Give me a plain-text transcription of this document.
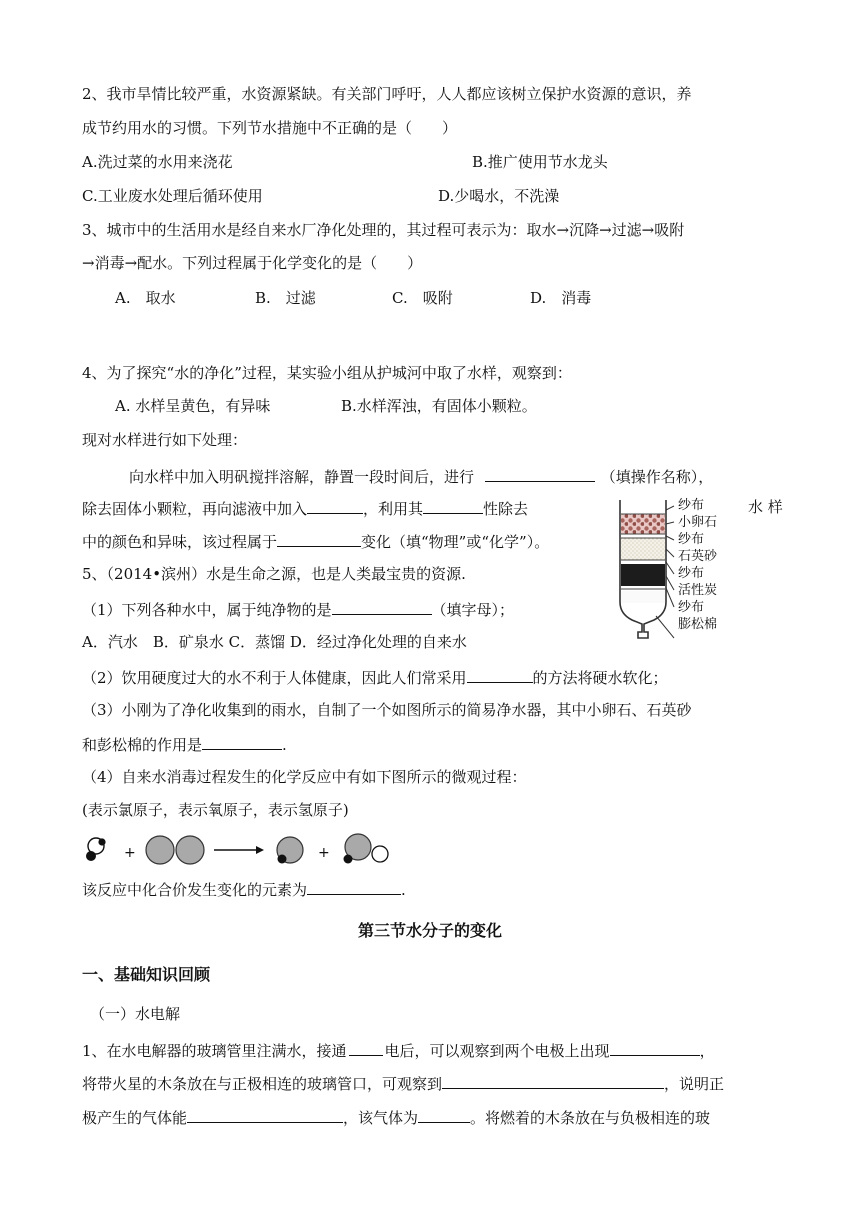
2、我市旱情比较严重，水资源紧缺。有关部门呼吁，人人都应该树立保护水资源的意识，养
成节约用水的习惯。下列节水措施中不正确的是（　　）
A.洗过菜的水用来浇花	B.推广使用节水龙头
C.工业废水处理后循环使用	D.少喝水，不洗澡
3、城市中的生活用水是经自来水厂净化处理的，其过程可表示为：取水→沉降→过滤→吸附
→消毒→配水。下列过程属于化学变化的是（　　）
A.　取水	B.　过滤	C.　吸附	D.　消毒
4、为了探究“水的净化”过程，某实验小组从护城河中取了水样，观察到：
A. 水样呈黄色，有异味	B.水样浑浊，有固体小颗粒。
现对水样进行如下处理：
向水样中加入明矾搅拌溶解，静置一段时间后，进行	（填操作名称），
除去固体小颗粒，再向滤液中加入	，利用其	性除去	水 样
中的颜色和异味，该过程属于	变化（填“物理”或“化学”）。
纱布
小卵石
纱布
石英砂
纱布
活性炭
纱布
膨松棉
5、（2014•滨州）水是生命之源，也是人类最宝贵的资源.
（1）下列各种水中，属于纯净物的是	（填字母）；
A．汽水　B．矿泉水 C．蒸馏 D．经过净化处理的自来水
（2）饮用硬度过大的水不利于人体健康，因此人们常采用	的方法将硬水软化；
（3）小刚为了净化收集到的雨水，自制了一个如图所示的简易净水器，其中小卵石、石英砂
和彭松棉的作用是	.
（4）自来水消毒过程发生的化学反应中有如下图所示的微观过程：
(表示氯原子，表示氧原子，表示氢原子)
+	+
该反应中化合价发生变化的元素为	.
第三节水分子的变化
一、基础知识回顾
（一）水电解
1、在水电解器的玻璃管里注满水，接通	电后，可以观察到两个电极上出现	，
将带火星的木条放在与正极相连的玻璃管口，可观察到	，说明正
极产生的气体能	，该气体为	。将燃着的木条放在与负极相连的玻
